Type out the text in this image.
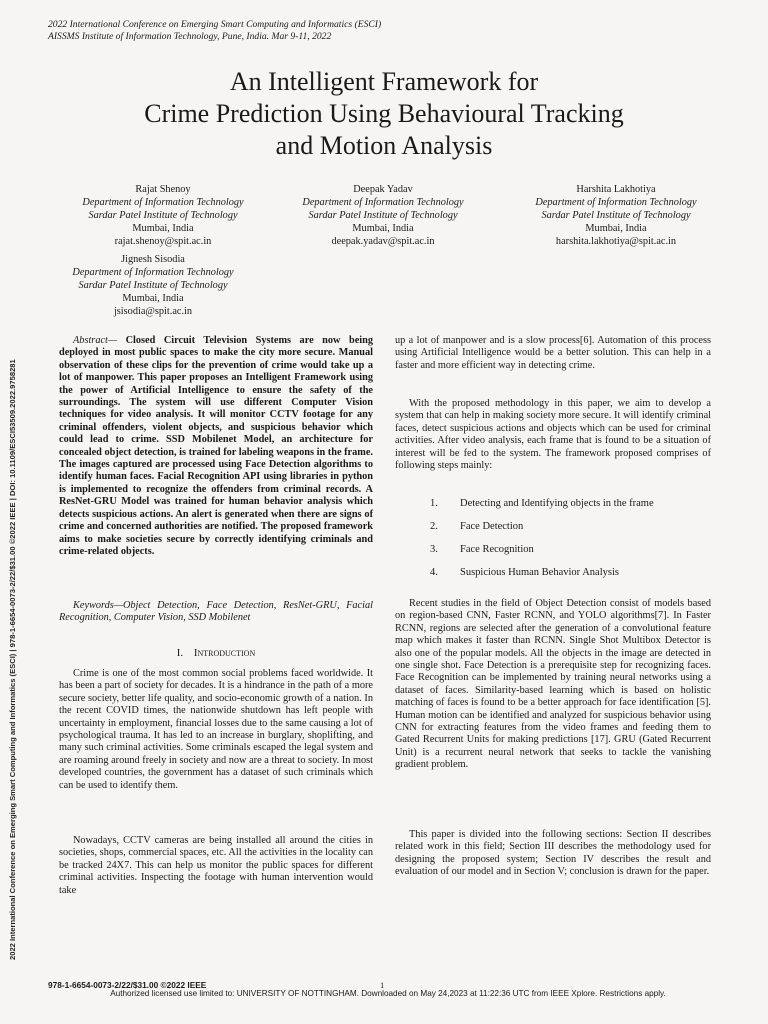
2022 International Conference on Emerging Smart Computing and Informatics (ESCI)
AISSMS Institute of Information Technology, Pune, India. Mar 9-11, 2022
An Intelligent Framework for
Crime Prediction Using Behavioural Tracking
and Motion Analysis
Rajat Shenoy
Department of Information Technology
Sardar Patel Institute of Technology
Mumbai, India
rajat.shenoy@spit.ac.in
Deepak Yadav
Department of Information Technology
Sardar Patel Institute of Technology
Mumbai, India
deepak.yadav@spit.ac.in
Harshita Lakhotiya
Department of Information Technology
Sardar Patel Institute of Technology
Mumbai, India
harshita.lakhotiya@spit.ac.in
Jignesh Sisodia
Department of Information Technology
Sardar Patel Institute of Technology
Mumbai, India
jsisodia@spit.ac.in
2022 International Conference on Emerging Smart Computing and Informatics (ESCI) | 978-1-6654-0073-2/22/$31.00 ©2022 IEEE | DOI: 10.1109/ESCI53509.2022.9758281
Abstract— Closed Circuit Television Systems are now being deployed in most public spaces to make the city more secure. Manual observation of these clips for the prevention of crime would take up a lot of manpower. This paper proposes an Intelligent Framework using the power of Artificial Intelligence to ensure the safety of the surroundings. The system will use different Computer Vision techniques for video analysis. It will monitor CCTV footage for any criminal offenders, violent objects, and suspicious behavior which could lead to crime. SSD Mobilenet Model, an architecture for concealed object detection, is trained for labeling weapons in the frame. The images captured are processed using Face Detection algorithms to identify human faces. Facial Recognition API using libraries in python is implemented to recognize the offenders from criminal records. A ResNet-GRU Model was trained for human behavior analysis which detects suspicious actions. An alert is generated when there are signs of crime and concerned authorities are notified. The proposed framework aims to make societies secure by correctly identifying criminals and crime-related objects.
Keywords—Object Detection, Face Detection, ResNet-GRU, Facial Recognition, Computer Vision, SSD Mobilenet
I. Introduction
Crime is one of the most common social problems faced worldwide. It has been a part of society for decades. It is a hindrance in the path of a more secure society, better life quality, and socio-economic growth of a nation. In the recent COVID times, the nationwide shutdown has left people with uncertainty in employment, financial losses due to the same causing a lot of psychological trauma. It has led to an increase in burglary, shoplifting, and many such criminal activities. Some criminals escaped the legal system and are roaming around freely in society and now are a threat to society. In most developed countries, the government has a dataset of such criminals which can be used to identify them.
Nowadays, CCTV cameras are being installed all around the cities in societies, shops, commercial spaces, etc. All the activities in the locality can be tracked 24X7. This can help us monitor the public spaces for different criminal activities. Inspecting the footage with human intervention would take
up a lot of manpower and is a slow process[6]. Automation of this process using Artificial Intelligence would be a better solution. This can help in a faster and more efficient way in detecting crime.
With the proposed methodology in this paper, we aim to develop a system that can help in making society more secure. It will identify criminal faces, detect suspicious actions and objects which can be used for criminal activities. After video analysis, each frame that is found to be a situation of interest will be fed to the system. The framework proposed comprises of following steps mainly:
1. Detecting and Identifying objects in the frame
2. Face Detection
3. Face Recognition
4. Suspicious Human Behavior Analysis
Recent studies in the field of Object Detection consist of models based on region-based CNN, Faster RCNN, and YOLO algorithms[7]. In Faster RCNN, regions are selected after the generation of a convolutional feature map which makes it faster than RCNN. Single Shot Multibox Detector is also one of the popular models. All the objects in the image are detected in one single shot. Face Detection is a prerequisite step for recognizing faces. Face Recognition can be implemented by training neural networks using a dataset of faces. Similarity-based learning which is based on holistic matching of faces is found to be a better approach for face identification [5]. Human motion can be identified and analyzed for suspicious behavior using CNN for extracting features from the video frames and feeding them to Gated Recurrent Units for making predictions [17]. GRU (Gated Recurrent Unit) is a recurrent neural network that seeks to tackle the vanishing gradient problem.
This paper is divided into the following sections: Section II describes related work in this field; Section III describes the methodology used for designing the proposed system; Section IV describes the result and evaluation of our model and in Section V; conclusion is drawn for the paper.
978-1-6654-0073-2/22/$31.00 ©2022 IEEE	1
Authorized licensed use limited to: UNIVERSITY OF NOTTINGHAM. Downloaded on May 24,2023 at 11:22:36 UTC from IEEE Xplore. Restrictions apply.
